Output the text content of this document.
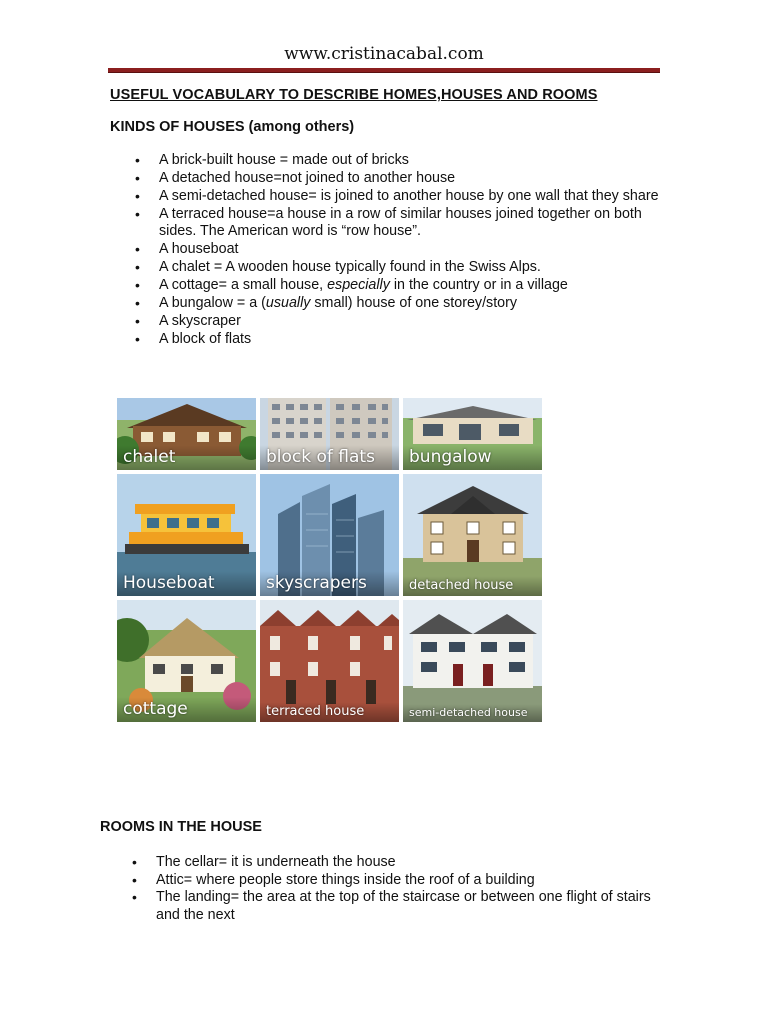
www.cristinacabal.com
USEFUL VOCABULARY TO DESCRIBE HOMES,HOUSES AND ROOMS
KINDS OF HOUSES (among others)
• A brick-built house = made out of bricks
• A detached house=not joined to another house
• A semi-detached house= is joined to another house by one wall that they share
• A terraced house=a house in a row of similar houses joined together on both sides. The American word is “row house”.
• A houseboat
• A chalet = A wooden house typically found in the Swiss Alps.
• A cottage= a small house, especially in the country or in a village
• A bungalow = a (usually small) house of one storey/story
• A skyscraper
• A block of flats
chalet	block of flats	bungalow
Houseboat	skyscrapers	detached house
cottage	terraced house	semi-detached house
ROOMS IN THE HOUSE
• The cellar= it is underneath the house
• Attic= where people store things inside the roof of a building
• The landing= the area at the top of the staircase or between one flight of stairs and the next
